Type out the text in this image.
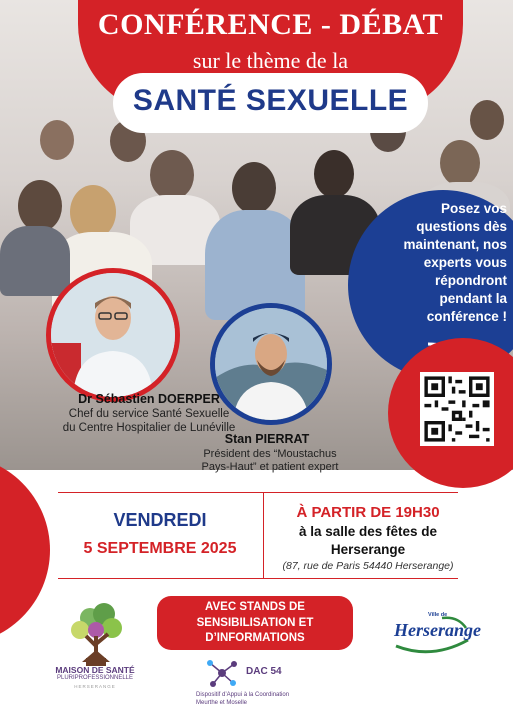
CONFÉRENCE - DÉBAT
sur le thème de la
SANTÉ SEXUELLE
Posez vos
questions dès
maintenant, nos
experts vous
répondront
pendant la
conférence !
Dr Sébastien DOERPER
Chef du service Santé Sexuelle
du Centre Hospitalier de Lunéville
Stan PIERRAT
Président des “Moustachus
Pays-Haut” et patient expert
VENDREDI
5 SEPTEMBRE 2025
À PARTIR DE 19H30
à la salle des fêtes de
Herserange
(87, rue de Paris 54440 Herserange)
AVEC STANDS DE
SENSIBILISATION ET
D’INFORMATIONS
MAISON DE SANTÉ
PLURIPROFESSIONNELLE
HERSERANGE
DAC 54
Dispositif d’Appui à la Coordination
Meurthe et Moselle
Ville de
Herserange
